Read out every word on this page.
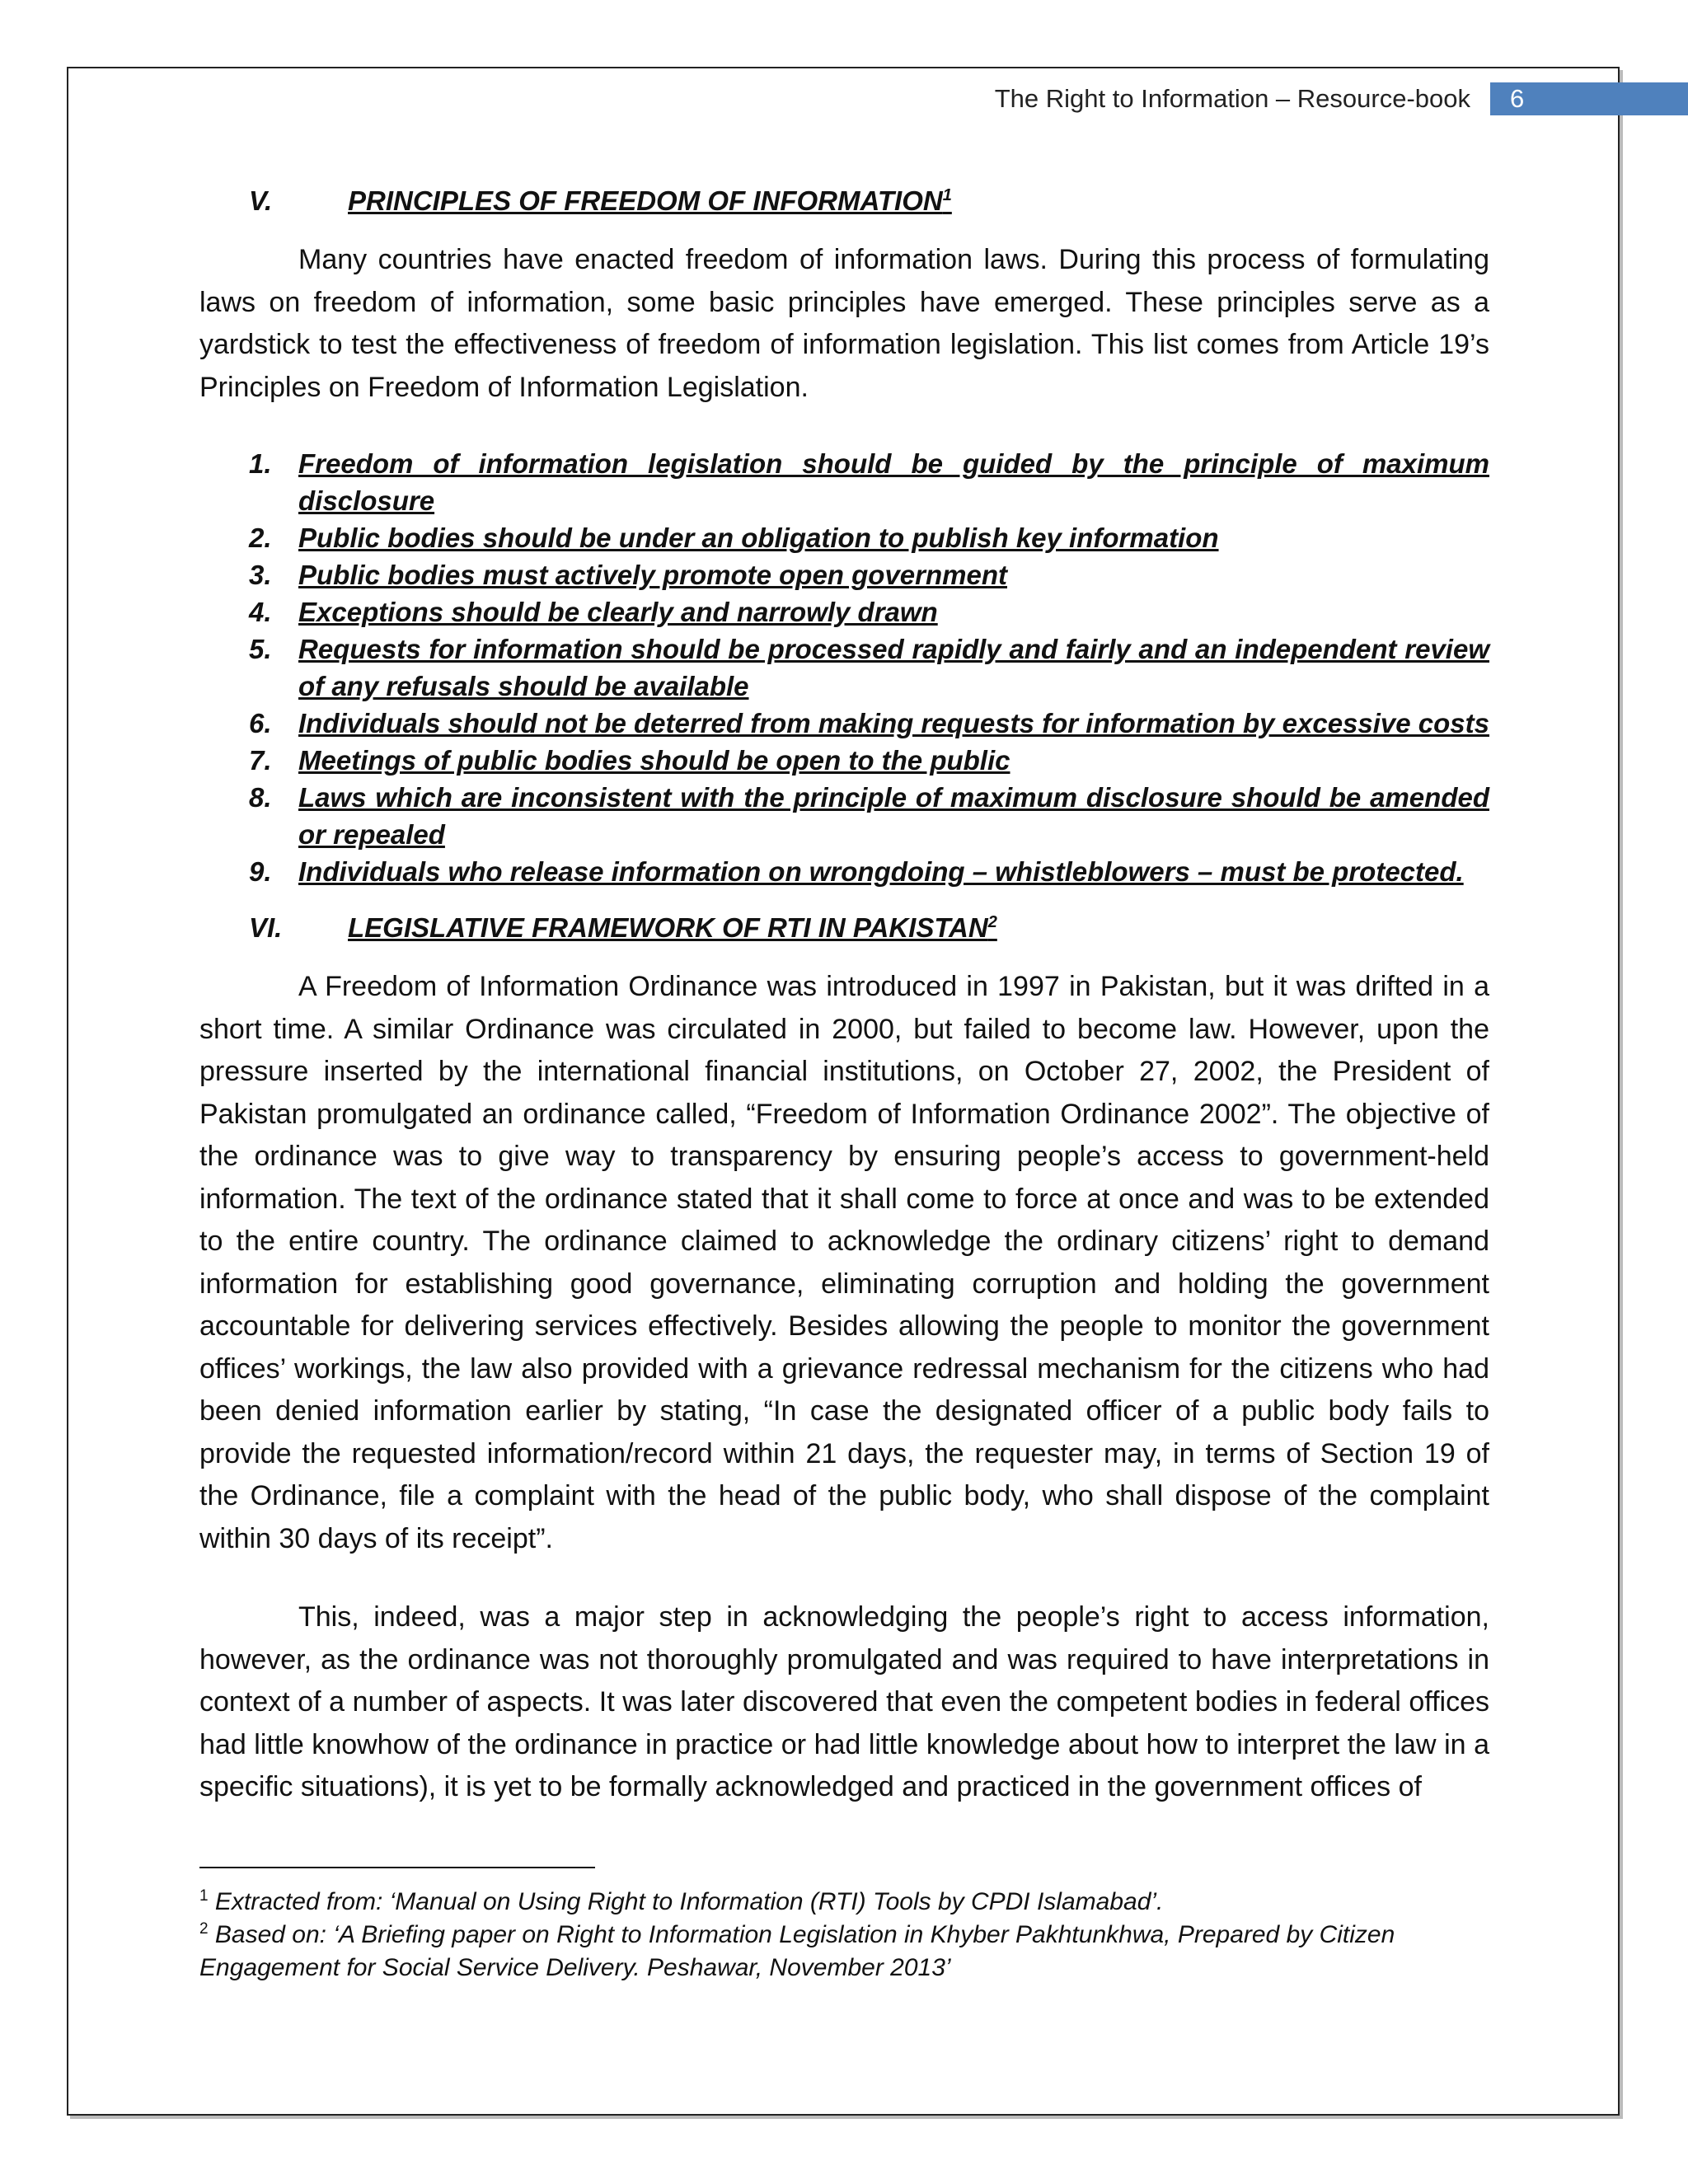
The Right to Information – Resource-book	6
V.	PRINCIPLES OF FREEDOM OF INFORMATION$^1$

Many countries have enacted freedom of information laws. During this process of formulating laws on freedom of information, some basic principles have emerged. These principles serve as a yardstick to test the effectiveness of freedom of information legislation. This list comes from Article 19’s Principles on Freedom of Information Legislation.

1. Freedom of information legislation should be guided by the principle of maximum disclosure
2. Public bodies should be under an obligation to publish key information
3. Public bodies must actively promote open government
4. Exceptions should be clearly and narrowly drawn
5. Requests for information should be processed rapidly and fairly and an independent review of any refusals should be available
6. Individuals should not be deterred from making requests for information by excessive costs
7. Meetings of public bodies should be open to the public
8. Laws which are inconsistent with the principle of maximum disclosure should be amended or repealed
9. Individuals who release information on wrongdoing – whistleblowers – must be protected.
VI.	LEGISLATIVE FRAMEWORK OF RTI IN PAKISTAN$^2$

A Freedom of Information Ordinance was introduced in 1997 in Pakistan, but it was drifted in a short time. A similar Ordinance was circulated in 2000, but failed to become law. However, upon the pressure inserted by the international financial institutions, on October 27, 2002, the President of Pakistan promulgated an ordinance called, “Freedom of Information Ordinance 2002”. The objective of the ordinance was to give way to transparency by ensuring people’s access to government-held information. The text of the ordinance stated that it shall come to force at once and was to be extended to the entire country. The ordinance claimed to acknowledge the ordinary citizens’ right to demand information for establishing good governance, eliminating corruption and holding the government accountable for delivering services effectively. Besides allowing the people to monitor the government offices’ workings, the law also provided with a grievance redressal mechanism for the citizens who had been denied information earlier by stating, “In case the designated officer of a public body fails to provide the requested information/record within 21 days, the requester may, in terms of Section 19 of the Ordinance, file a complaint with the head of the public body, who shall dispose of the complaint within 30 days of its receipt”.

This, indeed, was a major step in acknowledging the people’s right to access information, however, as the ordinance was not thoroughly promulgated and was required to have interpretations in context of a number of aspects. It was later discovered that even the competent bodies in federal offices had little knowhow of the ordinance in practice or had little knowledge about how to interpret the law in a specific situations), it is yet to be formally acknowledged and practiced in the government offices of

$^1$ Extracted from: ‘Manual on Using Right to Information (RTI) Tools by CPDI Islamabad’.
$^2$ Based on: ‘A Briefing paper on Right to Information Legislation in Khyber Pakhtunkhwa, Prepared by Citizen Engagement for Social Service Delivery. Peshawar, November 2013’
